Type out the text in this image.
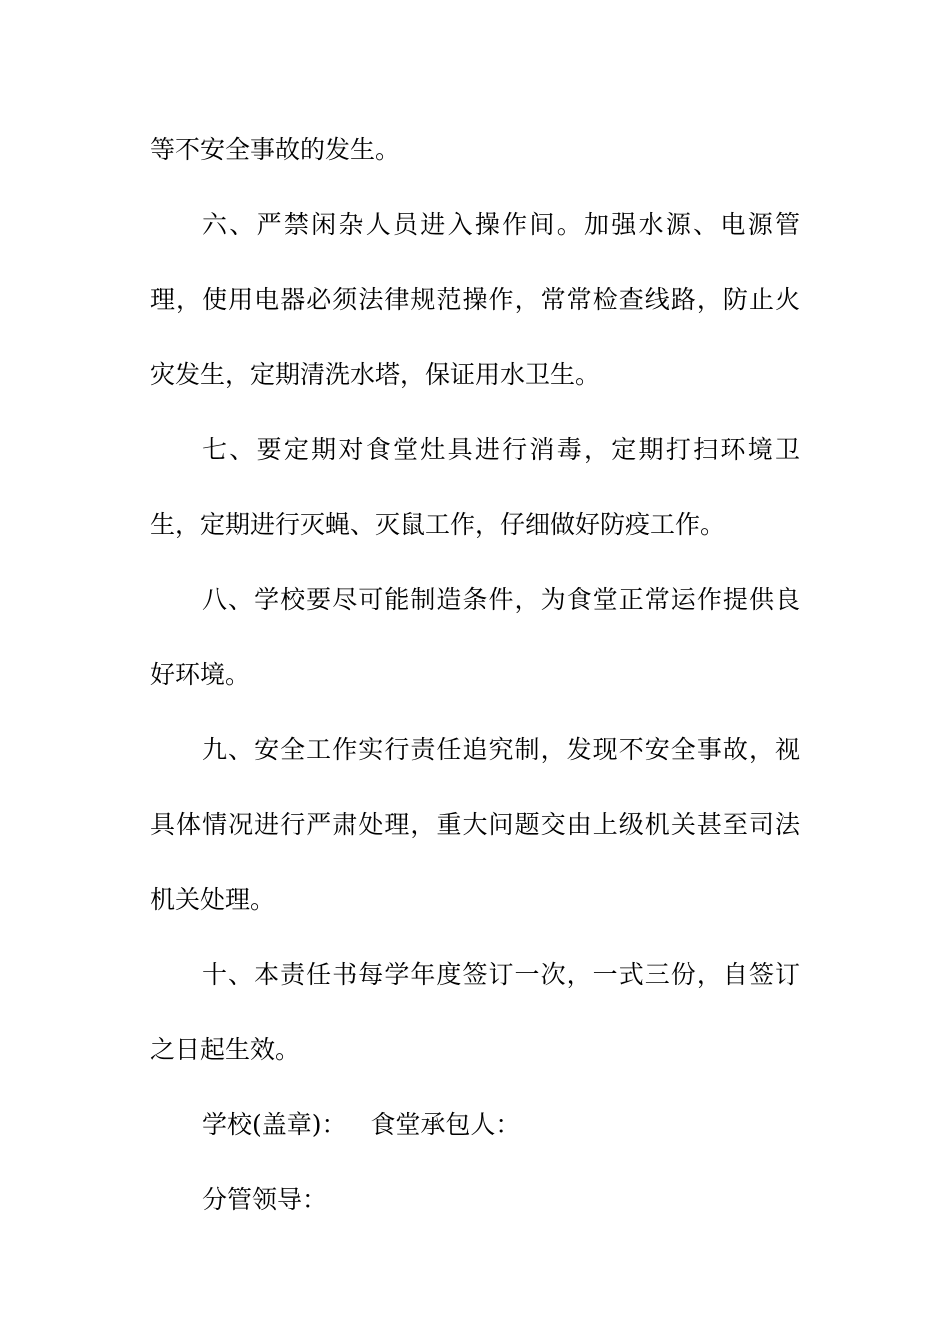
等不安全事故的发生。
六、严禁闲杂人员进入操作间。加强水源、电源管
理，使用电器必须法律规范操作，常常检查线路，防止火
灾发生，定期清洗水塔，保证用水卫生。
七、要定期对食堂灶具进行消毒，定期打扫环境卫
生，定期进行灭蝇、灭鼠工作，仔细做好防疫工作。
八、学校要尽可能制造条件，为食堂正常运作提供良
好环境。
九、安全工作实行责任追究制，发现不安全事故，视
具体情况进行严肃处理，重大问题交由上级机关甚至司法
机关处理。
十、本责任书每学年度签订一次，一式三份，自签订
之日起生效。
学校(盖章)：   食堂承包人：
分管领导：
